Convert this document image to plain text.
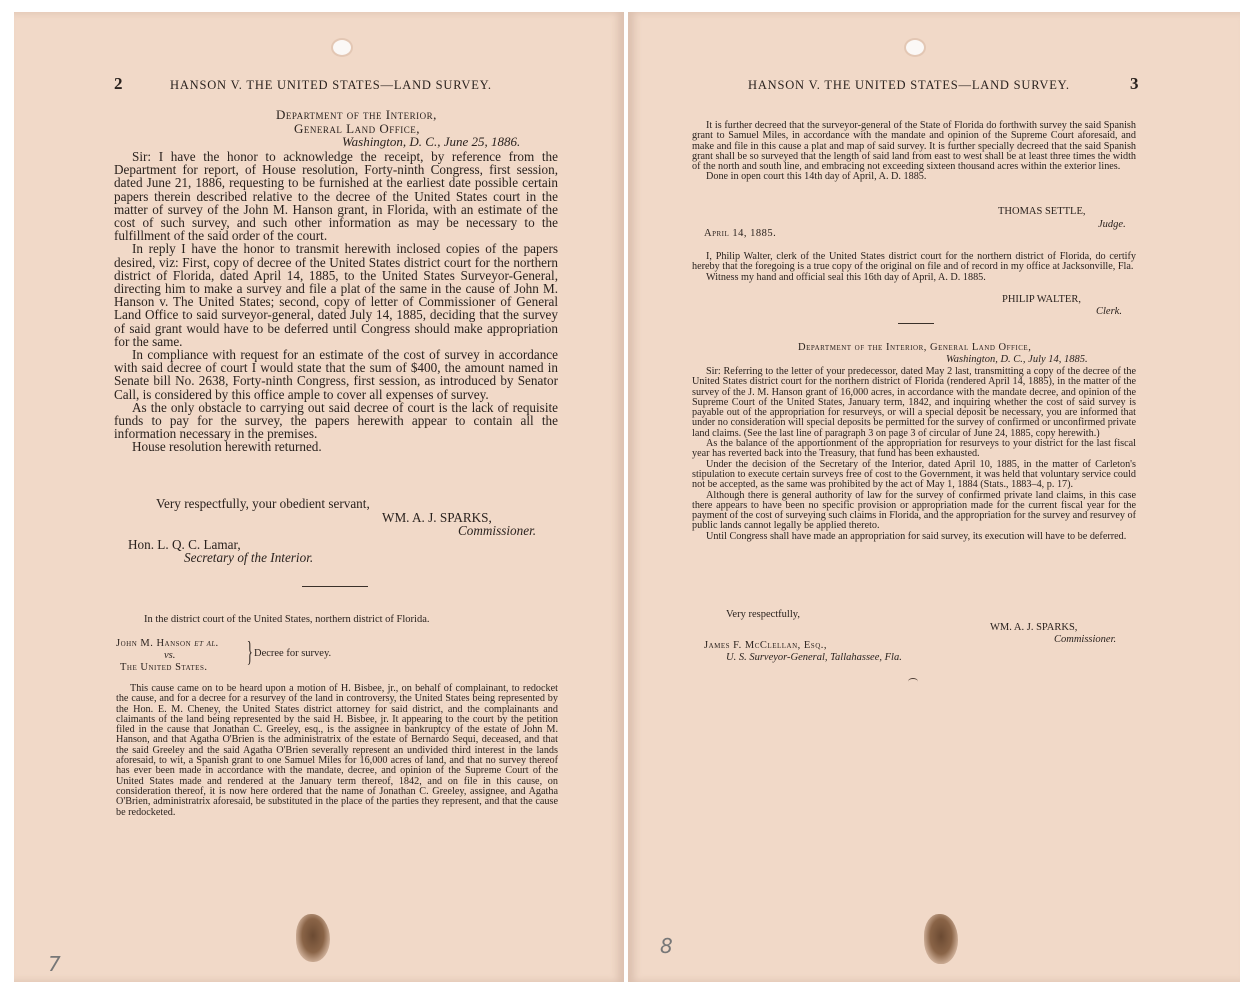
2	HANSON V. THE UNITED STATES—LAND SURVEY.
Department of the Interior,
General Land Office,
Washington, D. C., June 25, 1886.

Sir: I have the honor to acknowledge the receipt, by reference from the Department for report, of House resolution, Forty-ninth Congress, first session, dated June 21, 1886, requesting to be furnished at the earliest date possible certain papers therein described relative to the decree of the United States court in the matter of survey of the John M. Hanson grant, in Florida, with an estimate of the cost of such survey, and such other information as may be necessary to the fulfillment of the said order of the court.

In reply I have the honor to transmit herewith inclosed copies of the papers desired, viz: First, copy of decree of the United States district court for the northern district of Florida, dated April 14, 1885, to the United States Surveyor-General, directing him to make a survey and file a plat of the same in the cause of John M. Hanson v. The United States; second, copy of letter of Commissioner of General Land Office to said surveyor-general, dated July 14, 1885, deciding that the survey of said grant would have to be deferred until Congress should make appropriation for the same.

In compliance with request for an estimate of the cost of survey in accordance with said decree of court I would state that the sum of $400, the amount named in Senate bill No. 2638, Forty-ninth Congress, first session, as introduced by Senator Call, is considered by this office ample to cover all expenses of survey.

As the only obstacle to carrying out said decree of court is the lack of requisite funds to pay for the survey, the papers herewith appear to contain all the information necessary in the premises.

House resolution herewith returned.

Very respectfully, your obedient servant,
WM. A. J. SPARKS,
Commissioner.
Hon. L. Q. C. Lamar,
Secretary of the Interior.
In the district court of the United States, northern district of Florida.
John M. Hanson et al.
vs.
The United States. } Decree for survey.

This cause came on to be heard upon a motion of H. Bisbee, jr., on behalf of complainant, to redocket the cause, and for a decree for a resurvey of the land in controversy, the United States being represented by the Hon. E. M. Cheney, the United States district attorney for said district, and the complainants and claimants of the land being represented by the said H. Bisbee, jr. It appearing to the court by the petition filed in the cause that Jonathan C. Greeley, esq., is the assignee in bankruptcy of the estate of John M. Hanson, and that Agatha O'Brien is the administratrix of the estate of Bernardo Sequi, deceased, and that the said Greeley and the said Agatha O'Brien severally represent an undivided third interest in the lands aforesaid, to wit, a Spanish grant to one Samuel Miles for 16,000 acres of land, and that no survey thereof has ever been made in accordance with the mandate, decree, and opinion of the Supreme Court of the United States made and rendered at the January term thereof, 1842, and on file in this cause, on consideration thereof, it is now here ordered that the name of Jonathan C. Greeley, assignee, and Agatha O'Brien, administratrix aforesaid, be substituted in the place of the parties they represent, and that the cause be redocketed.

7
HANSON V. THE UNITED STATES—LAND SURVEY.	3

It is further decreed that the surveyor-general of the State of Florida do forthwith survey the said Spanish grant to Samuel Miles, in accordance with the mandate and opinion of the Supreme Court aforesaid, and make and file in this cause a plat and map of said survey. It is further specially decreed that the said Spanish grant shall be so surveyed that the length of said land from east to west shall be at least three times the width of the north and south line, and embracing not exceeding sixteen thousand acres within the exterior lines.

Done in open court this 14th day of April, A. D. 1885.

THOMAS SETTLE,
Judge.
April 14, 1885.

I, Philip Walter, clerk of the United States district court for the northern district of Florida, do certify hereby that the foregoing is a true copy of the original on file and of record in my office at Jacksonville, Fla.

Witness my hand and official seal this 16th day of April, A. D. 1885.

PHILIP WALTER,
Clerk.
Department of the Interior, General Land Office,
Washington, D. C., July 14, 1885.

Sir: Referring to the letter of your predecessor, dated May 2 last, transmitting a copy of the decree of the United States district court for the northern district of Florida (rendered April 14, 1885), in the matter of the survey of the J. M. Hanson grant of 16,000 acres, in accordance with the mandate decree, and opinion of the Supreme Court of the United States, January term, 1842, and inquiring whether the cost of said survey is payable out of the appropriation for resurveys, or will a special deposit be necessary, you are informed that under no consideration will special deposits be permitted for the survey of confirmed or unconfirmed private land claims. (See the last line of paragraph 3 on page 3 of circular of June 24, 1885, copy herewith.)

As the balance of the apportionment of the appropriation for resurveys to your district for the last fiscal year has reverted back into the Treasury, that fund has been exhausted.

Under the decision of the Secretary of the Interior, dated April 10, 1885, in the matter of Carleton's stipulation to execute certain surveys free of cost to the Government, it was held that voluntary service could not be accepted, as the same was prohibited by the act of May 1, 1884 (Stats., 1883–4, p. 17).

Although there is general authority of law for the survey of confirmed private land claims, in this case there appears to have been no specific provision or appropriation made for the current fiscal year for the payment of the cost of surveying such claims in Florida, and the appropriation for the survey and resurvey of public lands cannot legally be applied thereto.

Until Congress shall have made an appropriation for said survey, its execution will have to be deferred.

Very respectfully,
WM. A. J. SPARKS,
Commissioner.
James F. McClellan, Esq.,
U. S. Surveyor-General, Tallahassee, Fla.
8
